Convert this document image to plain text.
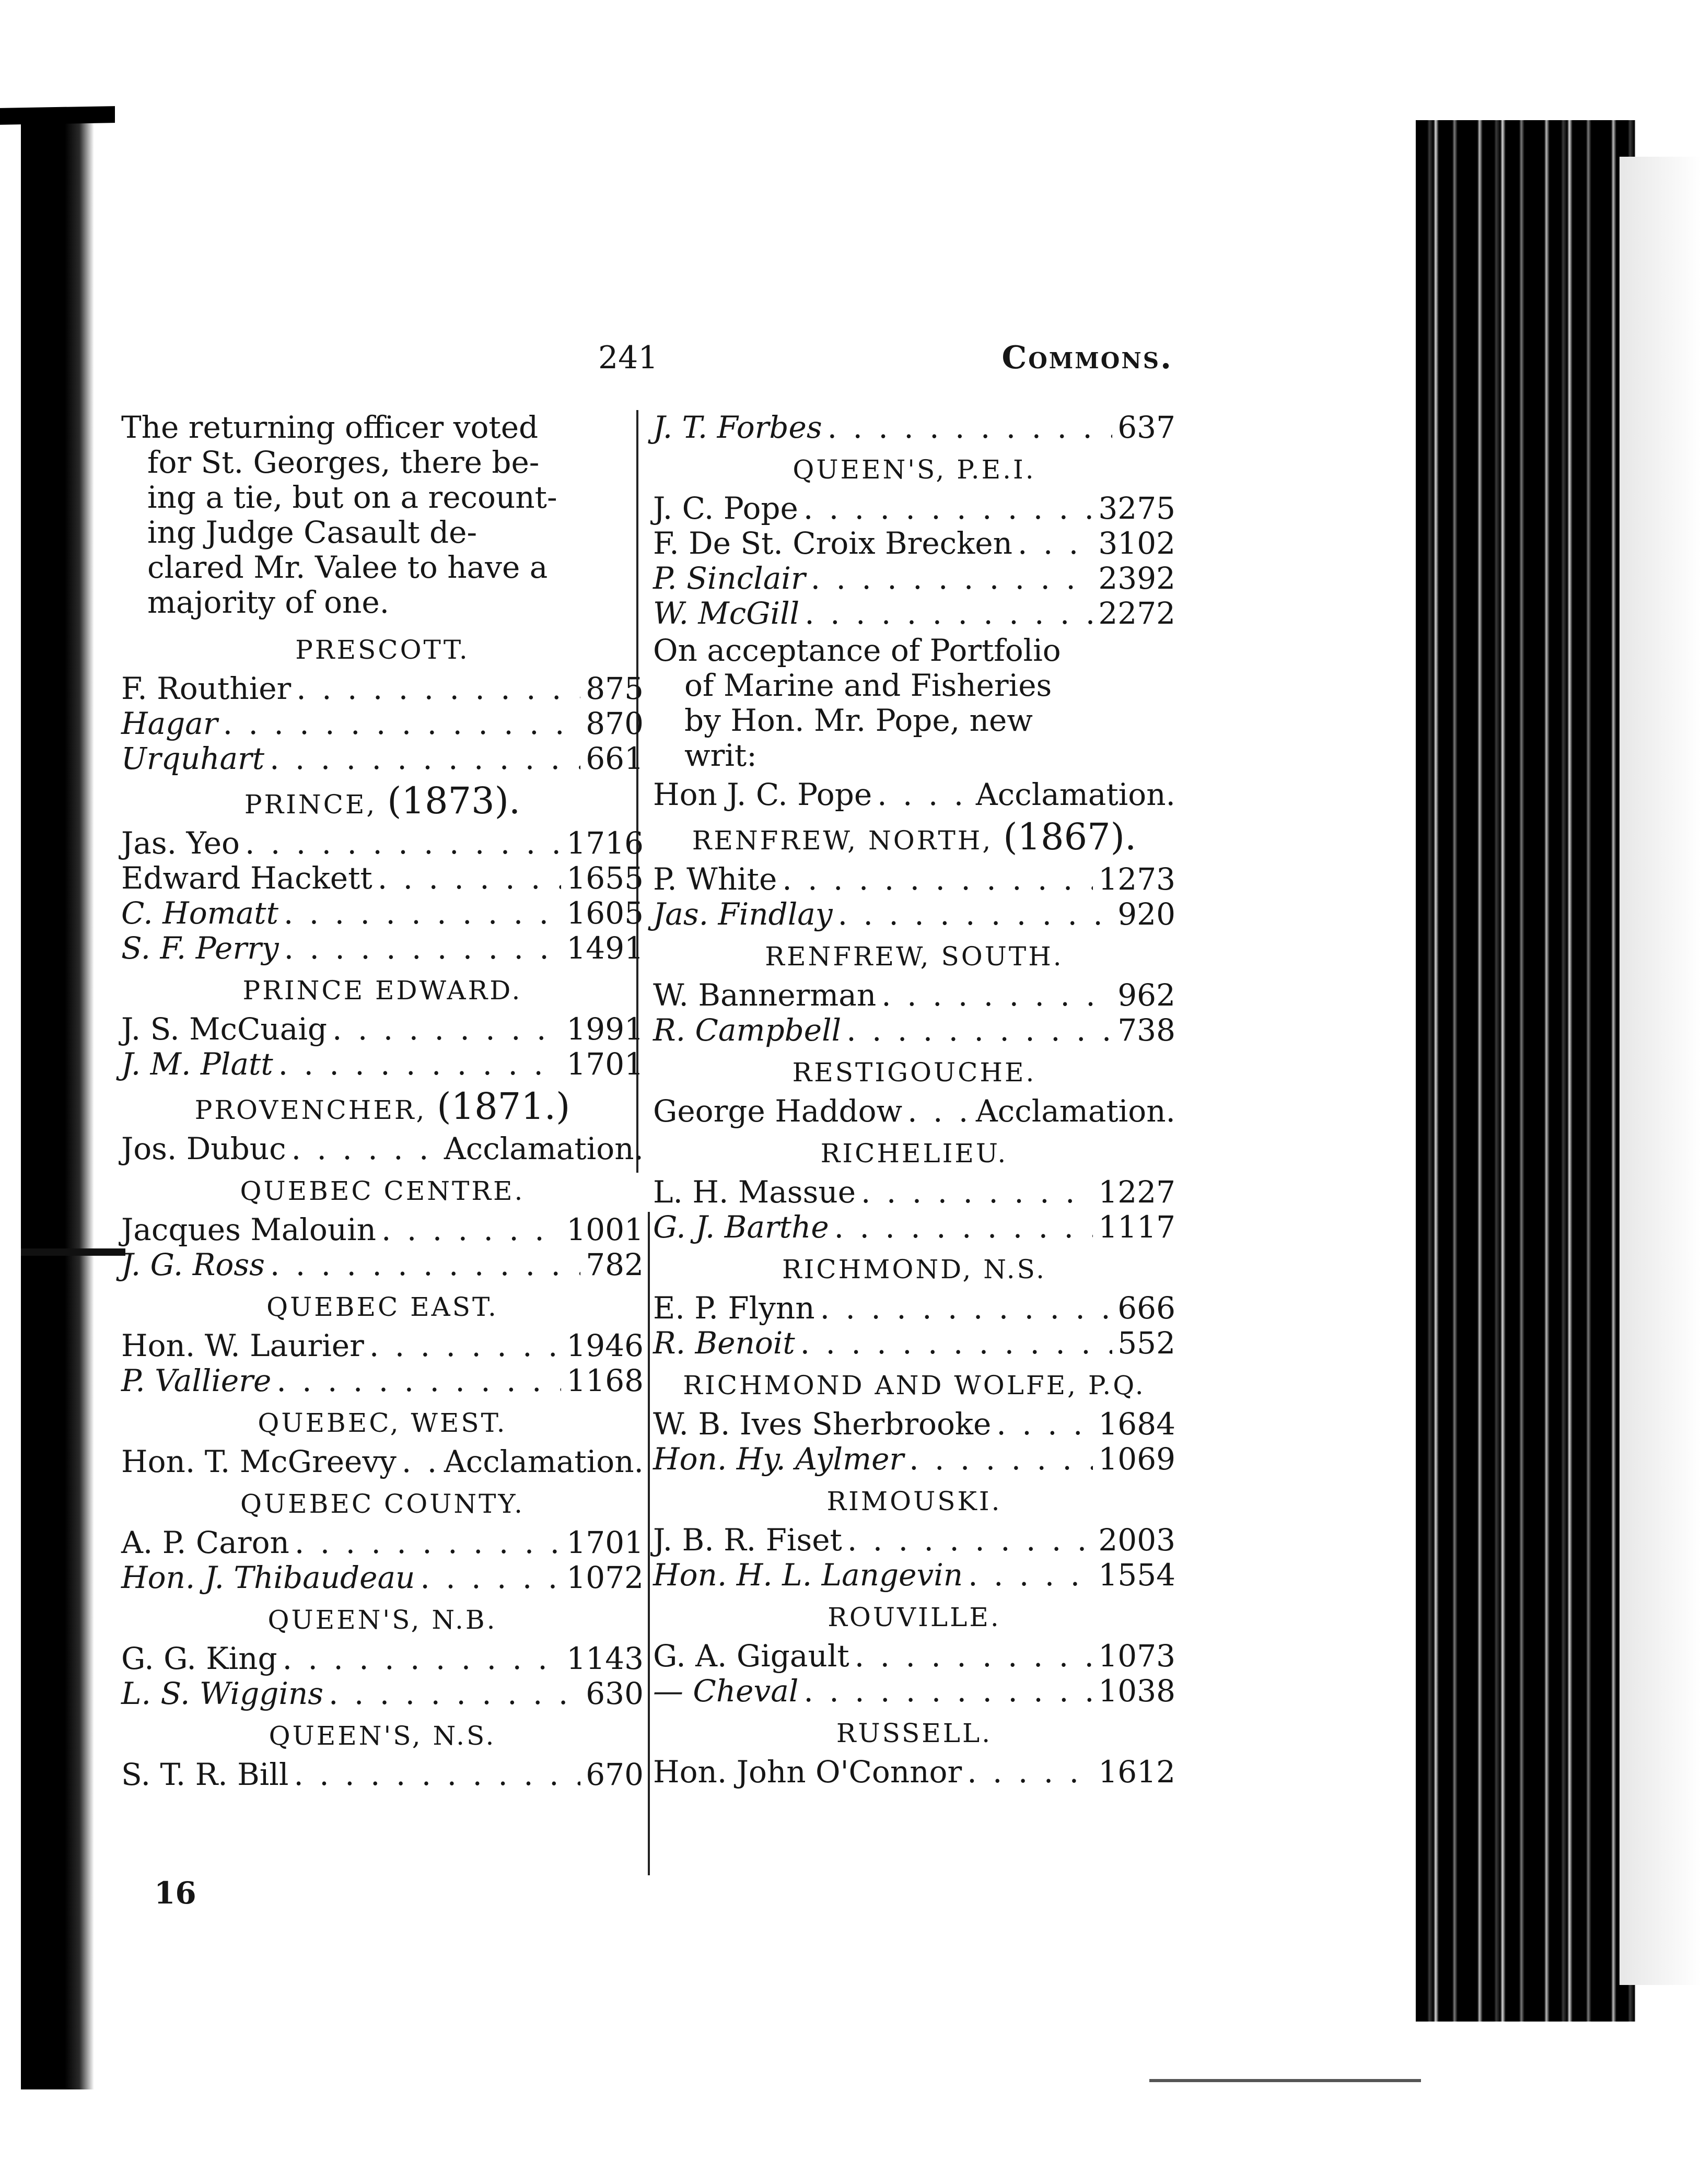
241	Commons.
The returning officer voted
for St. Georges, there be-
ing a tie, but on a recount-
ing Judge Casault de-
clared Mr. Valee to have a
majority of one.
PRESCOTT.
F. Routhier . . .	875
Hagar . . .	870
Urquhart . . .	661
PRINCE, (1873).
Jas. Yeo . . .	1716
Edward Hackett . . .	1655
C. Homatt . . .	1605
S. F. Perry . . .	1491
PRINCE EDWARD.
J. S. McCuaig . . .	1991
J. M. Platt . . .	1701
PROVENCHER, (1871.)
Jos. Dubuc . . .	Acclamation.
QUEBEC CENTRE.
Jacques Malouin . . .	1001
J. G. Ross . . .	782
QUEBEC EAST.
Hon. W. Laurier . . .	1946
P. Valliere . . .	1168
QUEBEC, WEST.
Hon. T. McGreevy . . . Acclamation.
QUEBEC COUNTY.
A. P. Caron . . .	1701
Hon. J. Thibaudeau . . .	1072
QUEEN'S, N.B.
G. G. King . . .	1143
L. S. Wiggins . . .	630
QUEEN'S, N.S.
S. T. R. Bill . . .	670
J. T. Forbes . . .	637
QUEEN'S, P.E.I.
J. C. Pope . . .	3275
F. De St. Croix Brecken . . .	3102
P. Sinclair . . .	2392
W. McGill . . .	2272
On acceptance of Portfolio
of Marine and Fisheries
by Hon. Mr. Pope, new
writ:
Hon J. C. Pope . . .	Acclamation.
RENFREW, NORTH, (1867).
P. White . . .	1273
Jas. Findlay . . .	920
RENFREW, SOUTH.
W. Bannerman . . .	962
R. Campbell . . .	738
RESTIGOUCHE.
George Haddow . . . Acclamation.
RICHELIEU.
L. H. Massue . . .	1227
G. J. Barthe . . .	1117
RICHMOND, N.S.
E. P. Flynn . . .	666
R. Benoit . . .	552
RICHMOND AND WOLFE, P.Q.
W. B. Ives Sherbrooke . . .	1684
Hon. Hy. Aylmer . . .	1069
RIMOUSKI.
J. B. R. Fiset . . .	2003
Hon. H. L. Langevin . . .	1554
ROUVILLE.
G. A. Gigault . . .	1073
— Cheval . . .	1038
RUSSELL.
Hon. John O'Connor . . .	1612
16
